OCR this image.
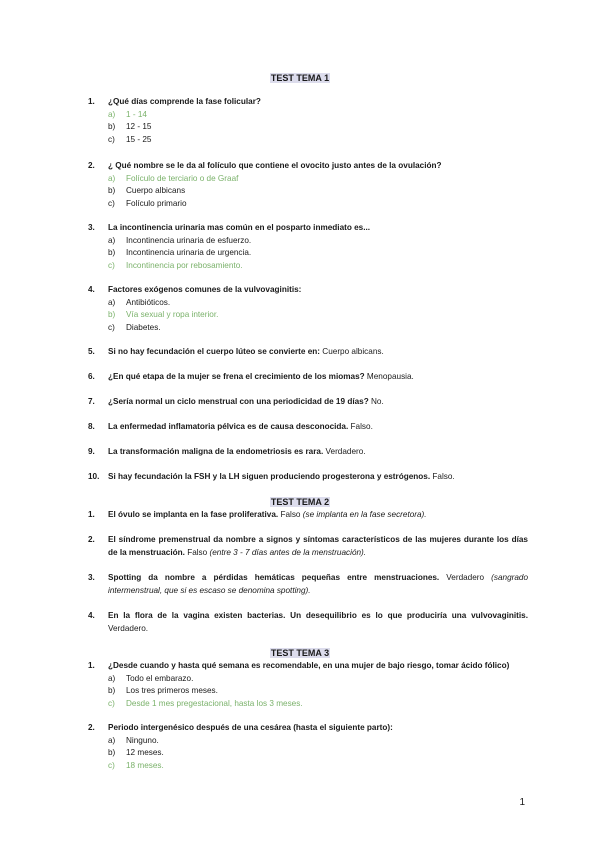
TEST TEMA 1
1.	¿Qué días comprende la fase folicular?
a) 1 - 14
b) 12 - 15
c) 15 - 25
2.	¿ Qué nombre se le da al folículo que contiene el ovocito justo antes de la ovulación?
a) Folículo de terciario o de Graaf
b) Cuerpo albicans
c) Folículo primario
3.	La incontinencia urinaria mas común en el posparto inmediato es...
a) Incontinencia urinaria de esfuerzo.
b) Incontinencia urinaria de urgencia.
c) Incontinencia por rebosamiento.
4.	Factores exógenos comunes de la vulvovaginitis:
a) Antibióticos.
b) Vía sexual y ropa interior.
c) Diabetes.
5.	Si no hay fecundación el cuerpo lúteo se convierte en: Cuerpo albicans.
6.	¿En qué etapa de la mujer se frena el crecimiento de los miomas? Menopausia.
7.	¿Sería normal un ciclo menstrual con una periodicidad de 19 días? No.
8.	La enfermedad inflamatoria pélvica es de causa desconocida. Falso.
9.	La transformación maligna de la endometriosis es rara. Verdadero.
10.	Si hay fecundación la FSH y la LH siguen produciendo progesterona y estrógenos. Falso.
TEST TEMA 2
1.	El óvulo se implanta en la fase proliferativa. Falso (se implanta en la fase secretora).
2.	El síndrome premenstrual da nombre a signos y síntomas característicos de las mujeres durante los días de la menstruación. Falso (entre 3 - 7 días antes de la menstruación).
3.	Spotting da nombre a pérdidas hemáticas pequeñas entre menstruaciones. Verdadero (sangrado intermenstrual, que si es escaso se denomina spotting).
4.	En la flora de la vagina existen bacterias. Un desequilibrio es lo que produciría una vulvovaginitis. Verdadero.
TEST TEMA 3
1.	¿Desde cuando y hasta qué semana es recomendable, en una mujer de bajo riesgo, tomar ácido fólico)
a) Todo el embarazo.
b) Los tres primeros meses.
c) Desde 1 mes pregestacional, hasta los 3 meses.
2.	Periodo intergenésico después de una cesárea (hasta el siguiente parto):
a) Ninguno.
b) 12 meses.
c) 18 meses.
1
